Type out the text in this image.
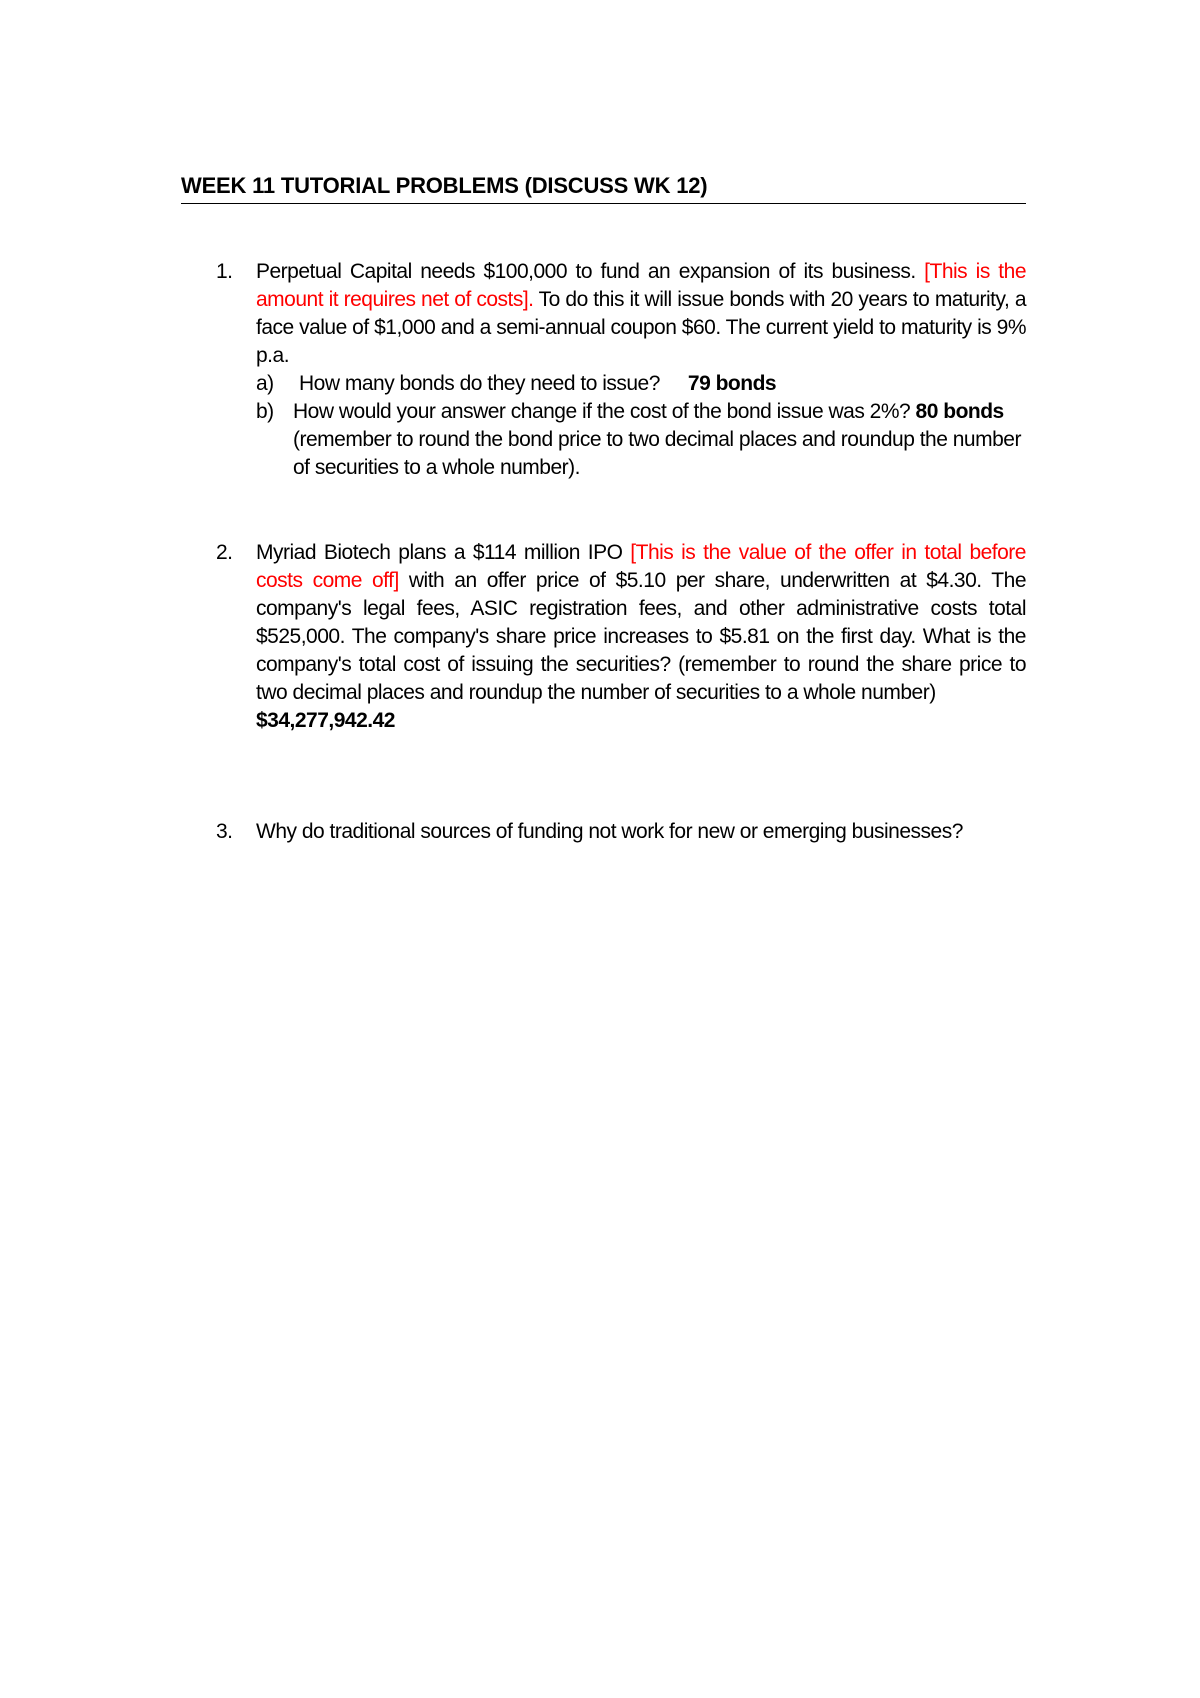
WEEK 11 TUTORIAL PROBLEMS (DISCUSS WK 12)
1. Perpetual Capital needs $100,000 to fund an expansion of its business. [This is the amount it requires net of costs]. To do this it will issue bonds with 20 years to maturity, a face value of $1,000 and a semi-annual coupon $60. The current yield to maturity is 9% p.a.
a) How many bonds do they need to issue? 79 bonds
b) How would your answer change if the cost of the bond issue was 2%? 80 bonds
(remember to round the bond price to two decimal places and roundup the number of securities to a whole number).
2. Myriad Biotech plans a $114 million IPO [This is the value of the offer in total before costs come off] with an offer price of $5.10 per share, underwritten at $4.30. The company's legal fees, ASIC registration fees, and other administrative costs total $525,000. The company's share price increases to $5.81 on the first day. What is the company's total cost of issuing the securities? (remember to round the share price to two decimal places and roundup the number of securities to a whole number)
$34,277,942.42
3. Why do traditional sources of funding not work for new or emerging businesses?
